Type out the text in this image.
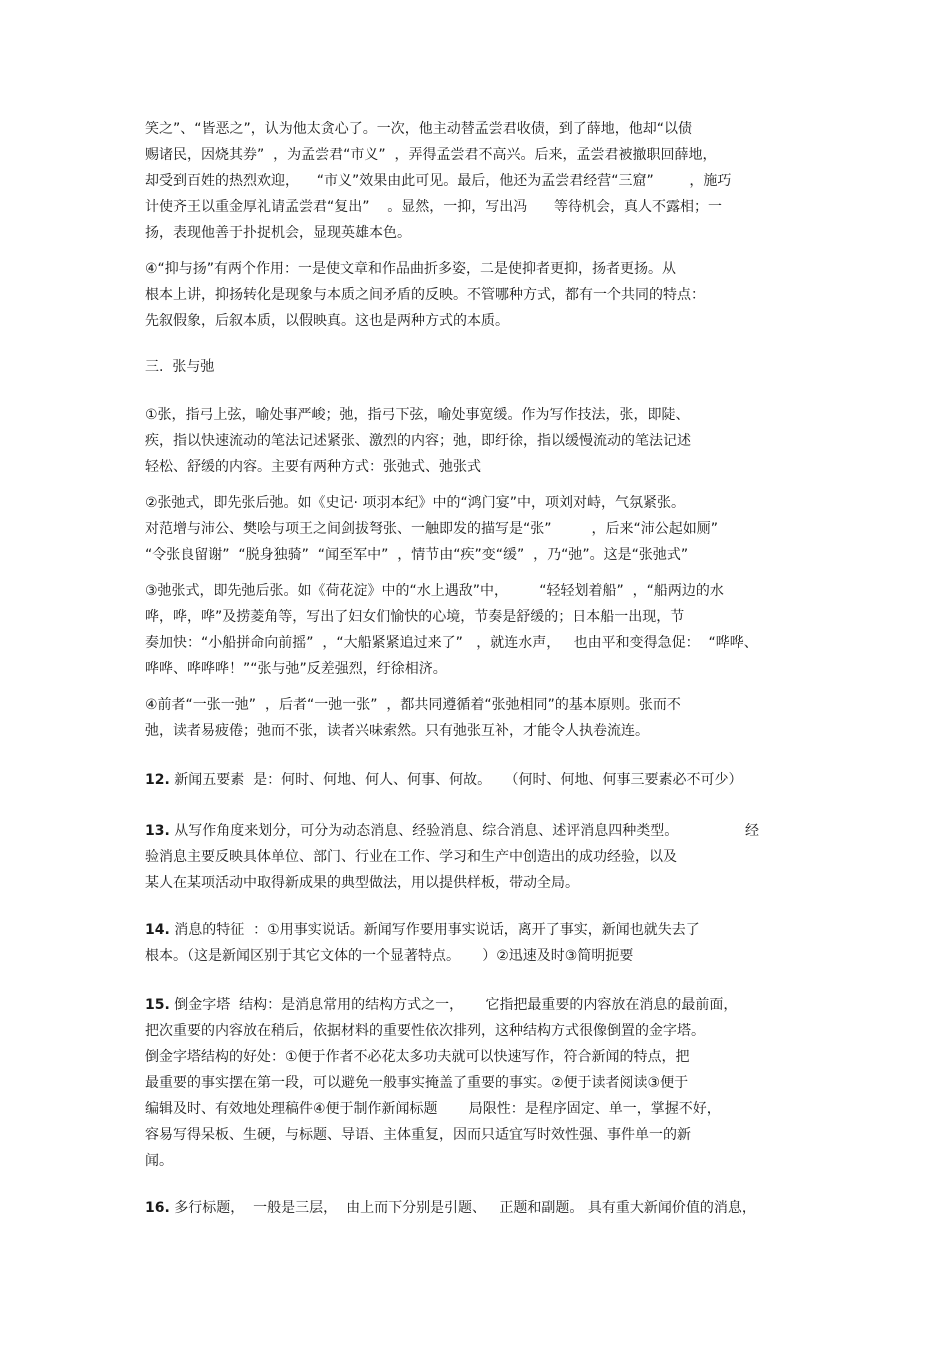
笑之”、“皆恶之”，认为他太贪心了。一次，他主动替孟尝君收债，到了薛地，他却“以债
赐诸民，因烧其券”  ，为孟尝君“市义”  ，弄得孟尝君不高兴。后来，孟尝君被撤职回薛地，
却受到百姓的热烈欢迎，    “市义”效果由此可见。最后，他还为孟尝君经营“三窟”        ，施巧
计使齐王以重金厚礼请孟尝君“复出”    。显然，一抑，写出冯      等待机会，真人不露相；一
扬，表现他善于扑捉机会，显现英雄本色。
④“抑与扬”有两个作用：一是使文章和作品曲折多姿，二是使抑者更抑，扬者更扬。从
根本上讲，抑扬转化是现象与本质之间矛盾的反映。不管哪种方式，都有一个共同的特点：
先叙假象，后叙本质，以假映真。这也是两种方式的本质。
三.  张与弛
①张，指弓上弦，喻处事严峻；弛，指弓下弦，喻处事宽缓。作为写作技法，张，即陡、
疾，指以快速流动的笔法记述紧张、激烈的内容；弛，即纡徐，指以缓慢流动的笔法记述
轻松、舒缓的内容。主要有两种方式：张弛式、弛张式
②张弛式，即先张后弛。如《史记· 项羽本纪》中的“鸿门宴”中，项刘对峙，气氛紧张。
对范增与沛公、樊哙与项王之间剑拔弩张、一触即发的描写是“张”         ，后来“沛公起如厕”
“令张良留谢”  “脱身独骑”  “闻至军中”  ，情节由“疾”变“缓”  ，乃“弛”。这是“张弛式”
③弛张式，即先弛后张。如《荷花淀》中的“水上遇敌”中，       “轻轻划着船”  ，“船两边的水
哗，哗，哗”及捞菱角等，写出了妇女们愉快的心境，节奏是舒缓的；日本船一出现，节
奏加快：“小船拼命向前摇”  ，“大船紧紧追过来了”   ，就连水声，   也由平和变得急促：  “哗哗、
哗哗、哗哗哗！”“张与弛”反差强烈，纡徐相济。
④前者“一张一弛”  ，后者“一弛一张”  ，都共同遵循着“张弛相同”的基本原则。张而不
弛，读者易疲倦；弛而不张，读者兴味索然。只有弛张互补，才能令人执卷流连。
12. 新闻五要素  是：何时、何地、何人、何事、何故。   （何时、何地、何事三要素必不可少）
13. 从写作角度来划分，可分为动态消息、经验消息、综合消息、述评消息四种类型。               经
验消息主要反映具体单位、部门、行业在工作、学习和生产中创造出的成功经验，以及
某人在某项活动中取得新成果的典型做法，用以提供样板，带动全局。
14. 消息的特征  ：①用事实说话。新闻写作要用事实说话，离开了事实，新闻也就失去了
根本。（这是新闻区别于其它文体的一个显著特点。     ）②迅速及时③简明扼要
15. 倒金字塔  结构：是消息常用的结构方式之一，     它指把最重要的内容放在消息的最前面，
把次重要的内容放在稍后，依据材料的重要性依次排列，这种结构方式很像倒置的金字塔。
倒金字塔结构的好处：①便于作者不必花太多功夫就可以快速写作，符合新闻的特点，把
最重要的事实摆在第一段，可以避免一般事实掩盖了重要的事实。②便于读者阅读③便于
编辑及时、有效地处理稿件④便于制作新闻标题       局限性：是程序固定、单一，掌握不好，
容易写得呆板、生硬，与标题、导语、主体重复，因而只适宜写时效性强、事件单一的新
闻。
16. 多行标题，  一般是三层，  由上而下分别是引题、   正题和副题。 具有重大新闻价值的消息，
